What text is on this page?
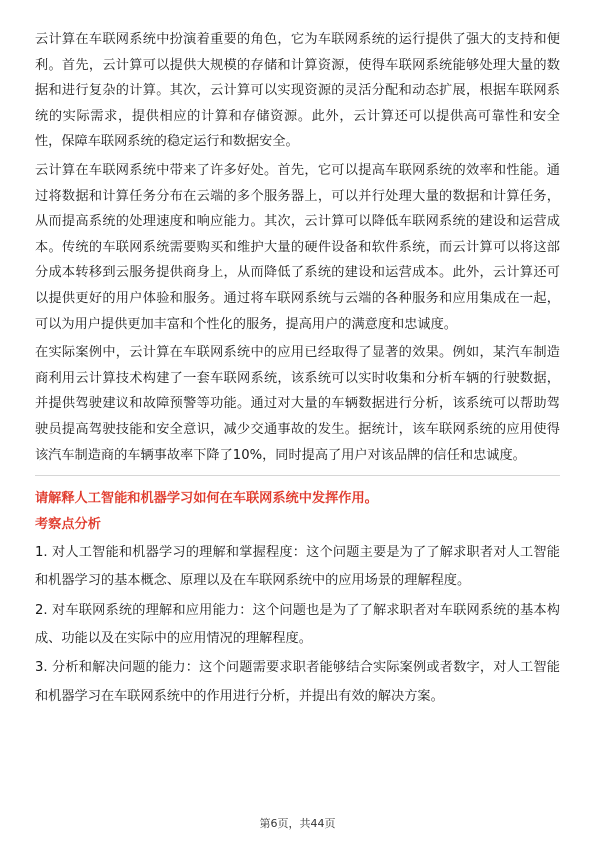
云计算在车联网系统中扮演着重要的角色，它为车联网系统的运行提供了强大的支持和便利。首先，云计算可以提供大规模的存储和计算资源，使得车联网系统能够处理大量的数据和进行复杂的计算。其次，云计算可以实现资源的灵活分配和动态扩展，根据车联网系统的实际需求，提供相应的计算和存储资源。此外，云计算还可以提供高可靠性和安全性，保障车联网系统的稳定运行和数据安全。

云计算在车联网系统中带来了许多好处。首先，它可以提高车联网系统的效率和性能。通过将数据和计算任务分布在云端的多个服务器上，可以并行处理大量的数据和计算任务，从而提高系统的处理速度和响应能力。其次，云计算可以降低车联网系统的建设和运营成本。传统的车联网系统需要购买和维护大量的硬件设备和软件系统，而云计算可以将这部分成本转移到云服务提供商身上，从而降低了系统的建设和运营成本。此外，云计算还可以提供更好的用户体验和服务。通过将车联网系统与云端的各种服务和应用集成在一起，可以为用户提供更加丰富和个性化的服务，提高用户的满意度和忠诚度。

在实际案例中，云计算在车联网系统中的应用已经取得了显著的效果。例如，某汽车制造商利用云计算技术构建了一套车联网系统，该系统可以实时收集和分析车辆的行驶数据，并提供驾驶建议和故障预警等功能。通过对大量的车辆数据进行分析，该系统可以帮助驾驶员提高驾驶技能和安全意识，减少交通事故的发生。据统计，该车联网系统的应用使得该汽车制造商的车辆事故率下降了10%，同时提高了用户对该品牌的信任和忠诚度。

请解释人工智能和机器学习如何在车联网系统中发挥作用。

考察点分析

1. 对人工智能和机器学习的理解和掌握程度：这个问题主要是为了了解求职者对人工智能和机器学习的基本概念、原理以及在车联网系统中的应用场景的理解程度。

2. 对车联网系统的理解和应用能力：这个问题也是为了了解求职者对车联网系统的基本构成、功能以及在实际中的应用情况的理解程度。

3. 分析和解决问题的能力：这个问题需要求职者能够结合实际案例或者数字，对人工智能和机器学习在车联网系统中的作用进行分析，并提出有效的解决方案。

第6页，共44页
